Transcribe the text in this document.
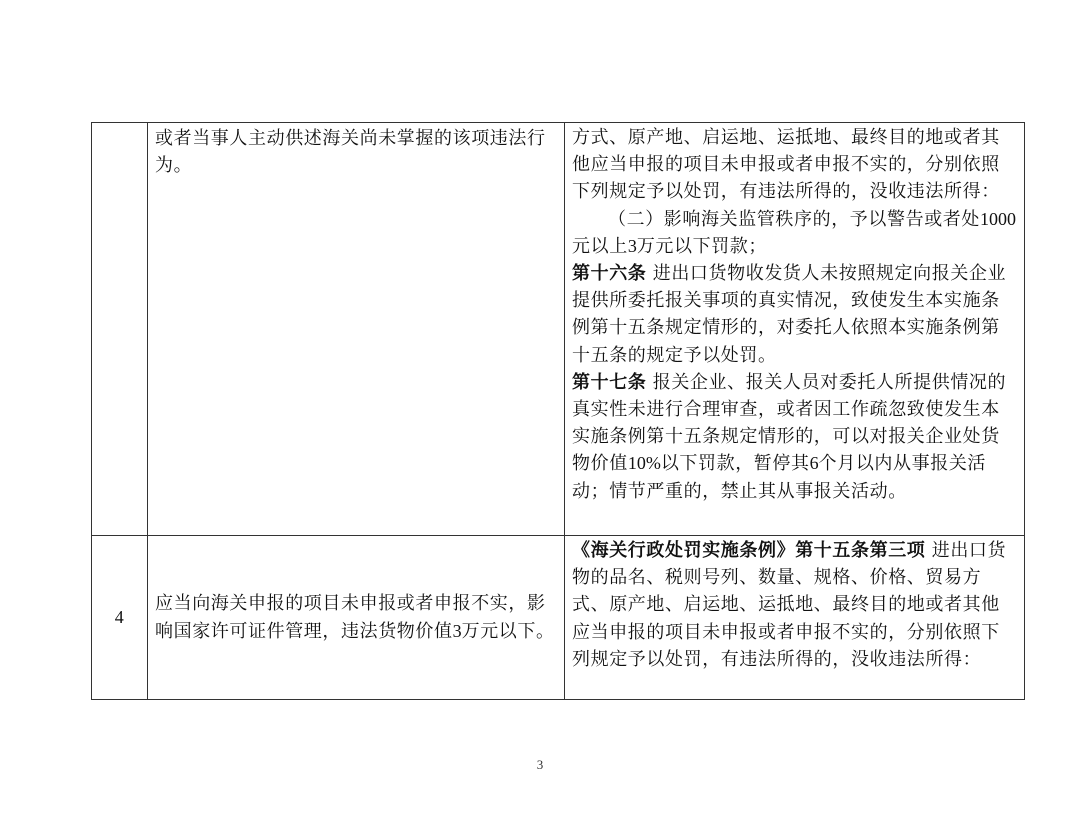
	或者当事人主动供述海关尚未掌握的该项违法行为。	方式、原产地、启运地、运抵地、最终目的地或者其他应当申报的项目未申报或者申报不实的，分别依照下列规定予以处罚，有违法所得的，没收违法所得：

（二）影响海关监管秩序的，予以警告或者处1000元以上3万元以下罚款；

第十六条 进出口货物收发货人未按照规定向报关企业提供所委托报关事项的真实情况，致使发生本实施条例第十五条规定情形的，对委托人依照本实施条例第十五条的规定予以处罚。

第十七条 报关企业、报关人员对委托人所提供情况的真实性未进行合理审查，或者因工作疏忽致使发生本实施条例第十五条规定情形的，可以对报关企业处货物价值10%以下罚款，暂停其6个月以内从事报关活动；情节严重的，禁止其从事报关活动。

4	应当向海关申报的项目未申报或者申报不实，影响国家许可证件管理，违法货物价值3万元以下。	《海关行政处罚实施条例》第十五条第三项 进出口货物的品名、税则号列、数量、规格、价格、贸易方式、原产地、启运地、运抵地、最终目的地或者其他应当申报的项目未申报或者申报不实的，分别依照下列规定予以处罚，有违法所得的，没收违法所得：

3
